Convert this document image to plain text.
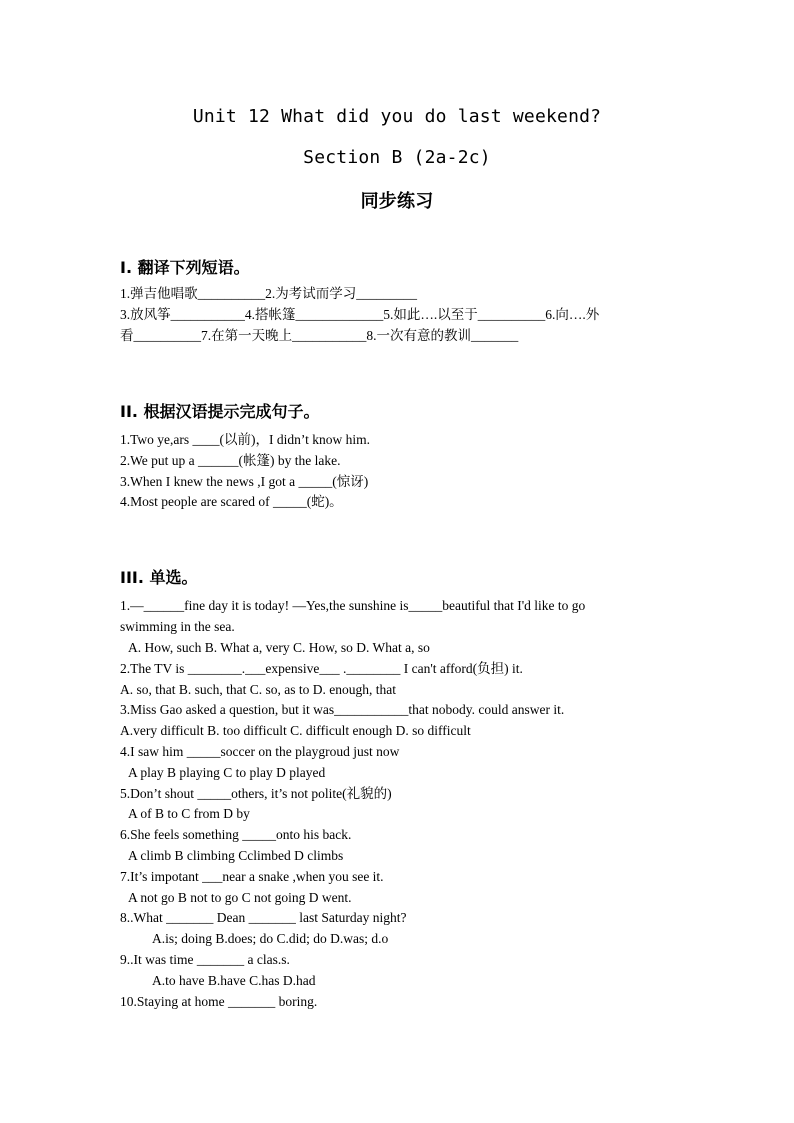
Unit 12 What did you do last weekend?
Section B (2a-2c)
同步练习
I. 翻译下列短语。
1.弹吉他唱歌__________2.为考试而学习_________
3.放风筝___________4.搭帐篷_____________5.如此….以至于__________6.向….外
看__________7.在第一天晚上___________8.一次有意的教训_______
II. 根据汉语提示完成句子。
1.Two ye,ars ____(以前)，I didn’t know him.
2.We put up a ______(帐篷) by the lake.
3.When I knew the news ,I got a _____(惊讶)
4.Most people are scared of _____(蛇)。
III. 单选。
1.—______fine day it is today! —Yes,the sunshine is_____beautiful that I'd like to go
swimming in the sea.
A. How, such B. What a, very C. How, so D. What a, so
2.The TV is ________.___expensive___ .________ I can't afford(负担) it.
A. so, that B. such, that C. so, as to D. enough, that
3.Miss Gao asked a question, but it was___________that nobody. could answer it.
A.very difficult B. too difficult C. difficult enough D. so difficult
4.I saw him _____soccer on the playgroud just now
A play B playing C to play D played
5.Don’t shout _____others, it’s not polite(礼貌的)
A of B to C from D by
6.She feels something _____onto his back.
A climb B climbing Cclimbed D climbs
7.It’s impotant ___near a snake ,when you see it.
A not go B not to go C not going D went.
8..What _______ Dean _______ last Saturday night?
A.is; doing B.does; do C.did; do D.was; d.o
9..It was time _______ a clas.s.
A.to have B.have C.has D.had
10.Staying at home _______ boring.
